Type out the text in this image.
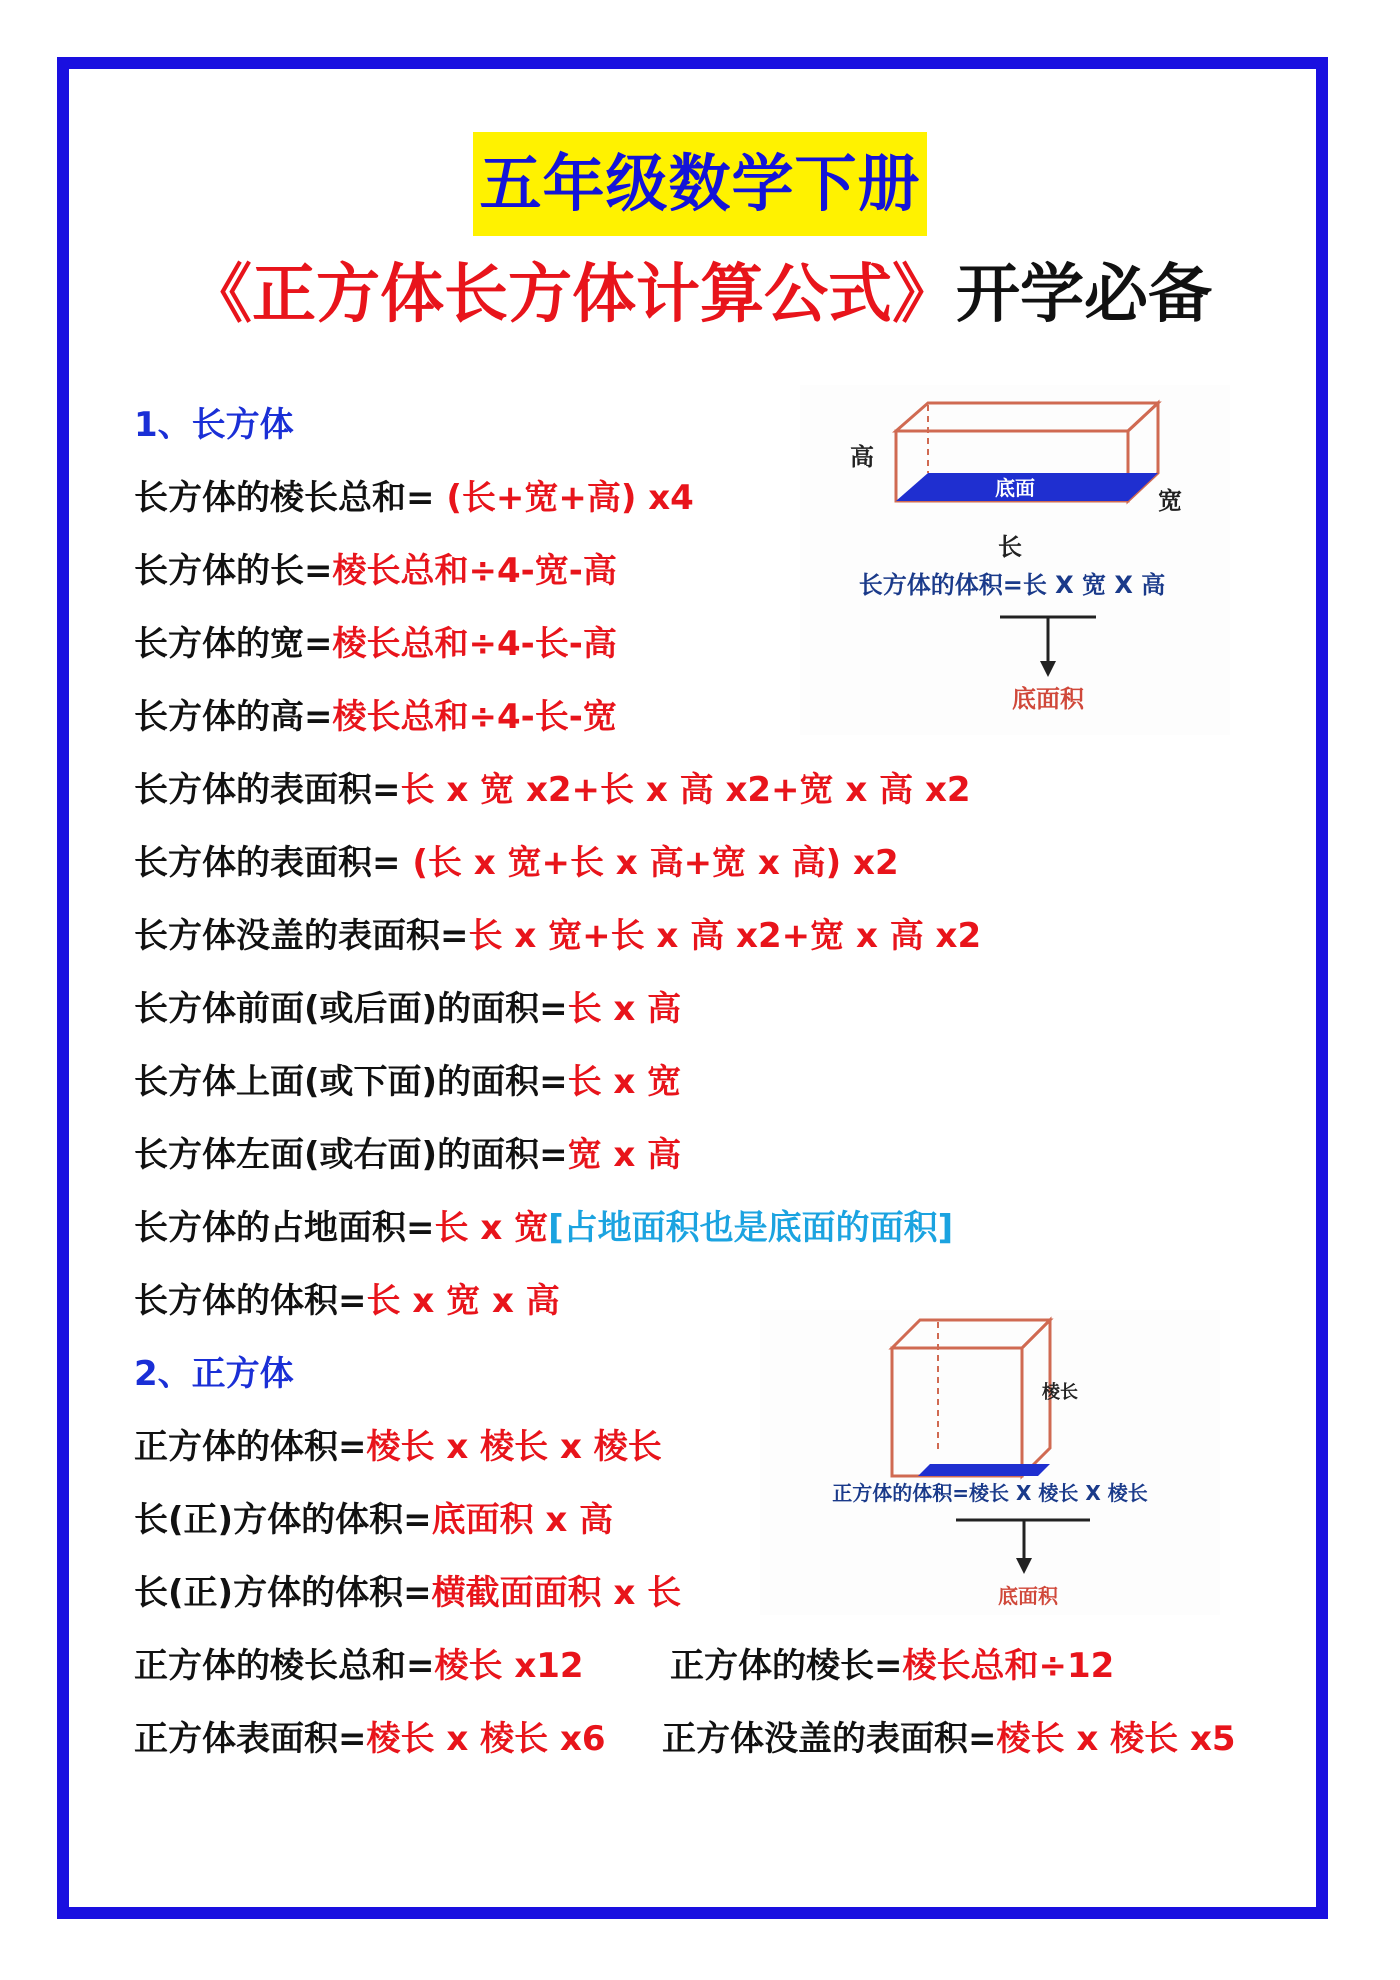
五年级数学下册
《正方体长方体计算公式》开学必备
1、长方体
长方体的棱长总和= (长+宽+高) x4
长方体的长=棱长总和÷4-宽-高
长方体的宽=棱长总和÷4-长-高
长方体的高=棱长总和÷4-长-宽
长方体的表面积=长 x 宽 x2+长 x 高 x2+宽 x 高 x2
长方体的表面积= (长 x 宽+长 x 高+宽 x 高) x2
长方体没盖的表面积=长 x 宽+长 x 高 x2+宽 x 高 x2
长方体前面(或后面)的面积=长 x 高
长方体上面(或下面)的面积=长 x 宽
长方体左面(或右面)的面积=宽 x 高
长方体的占地面积=长 x 宽[占地面积也是底面的面积]
长方体的体积=长 x 宽 x 高
2、正方体
正方体的体积=棱长 x 棱长 x 棱长
长(正)方体的体积=底面积 x 高
长(正)方体的体积=横截面面积 x 长
正方体的棱长总和=棱长 x12	正方体的棱长=棱长总和÷12
正方体表面积=棱长 x 棱长 x6 正方体没盖的表面积=棱长 x 棱长 x5
底面
高
宽
长
长方体的体积=长 X 宽 X 高
底面积
棱长
正方体的体积=棱长 X 棱长 X 棱长
底面积
